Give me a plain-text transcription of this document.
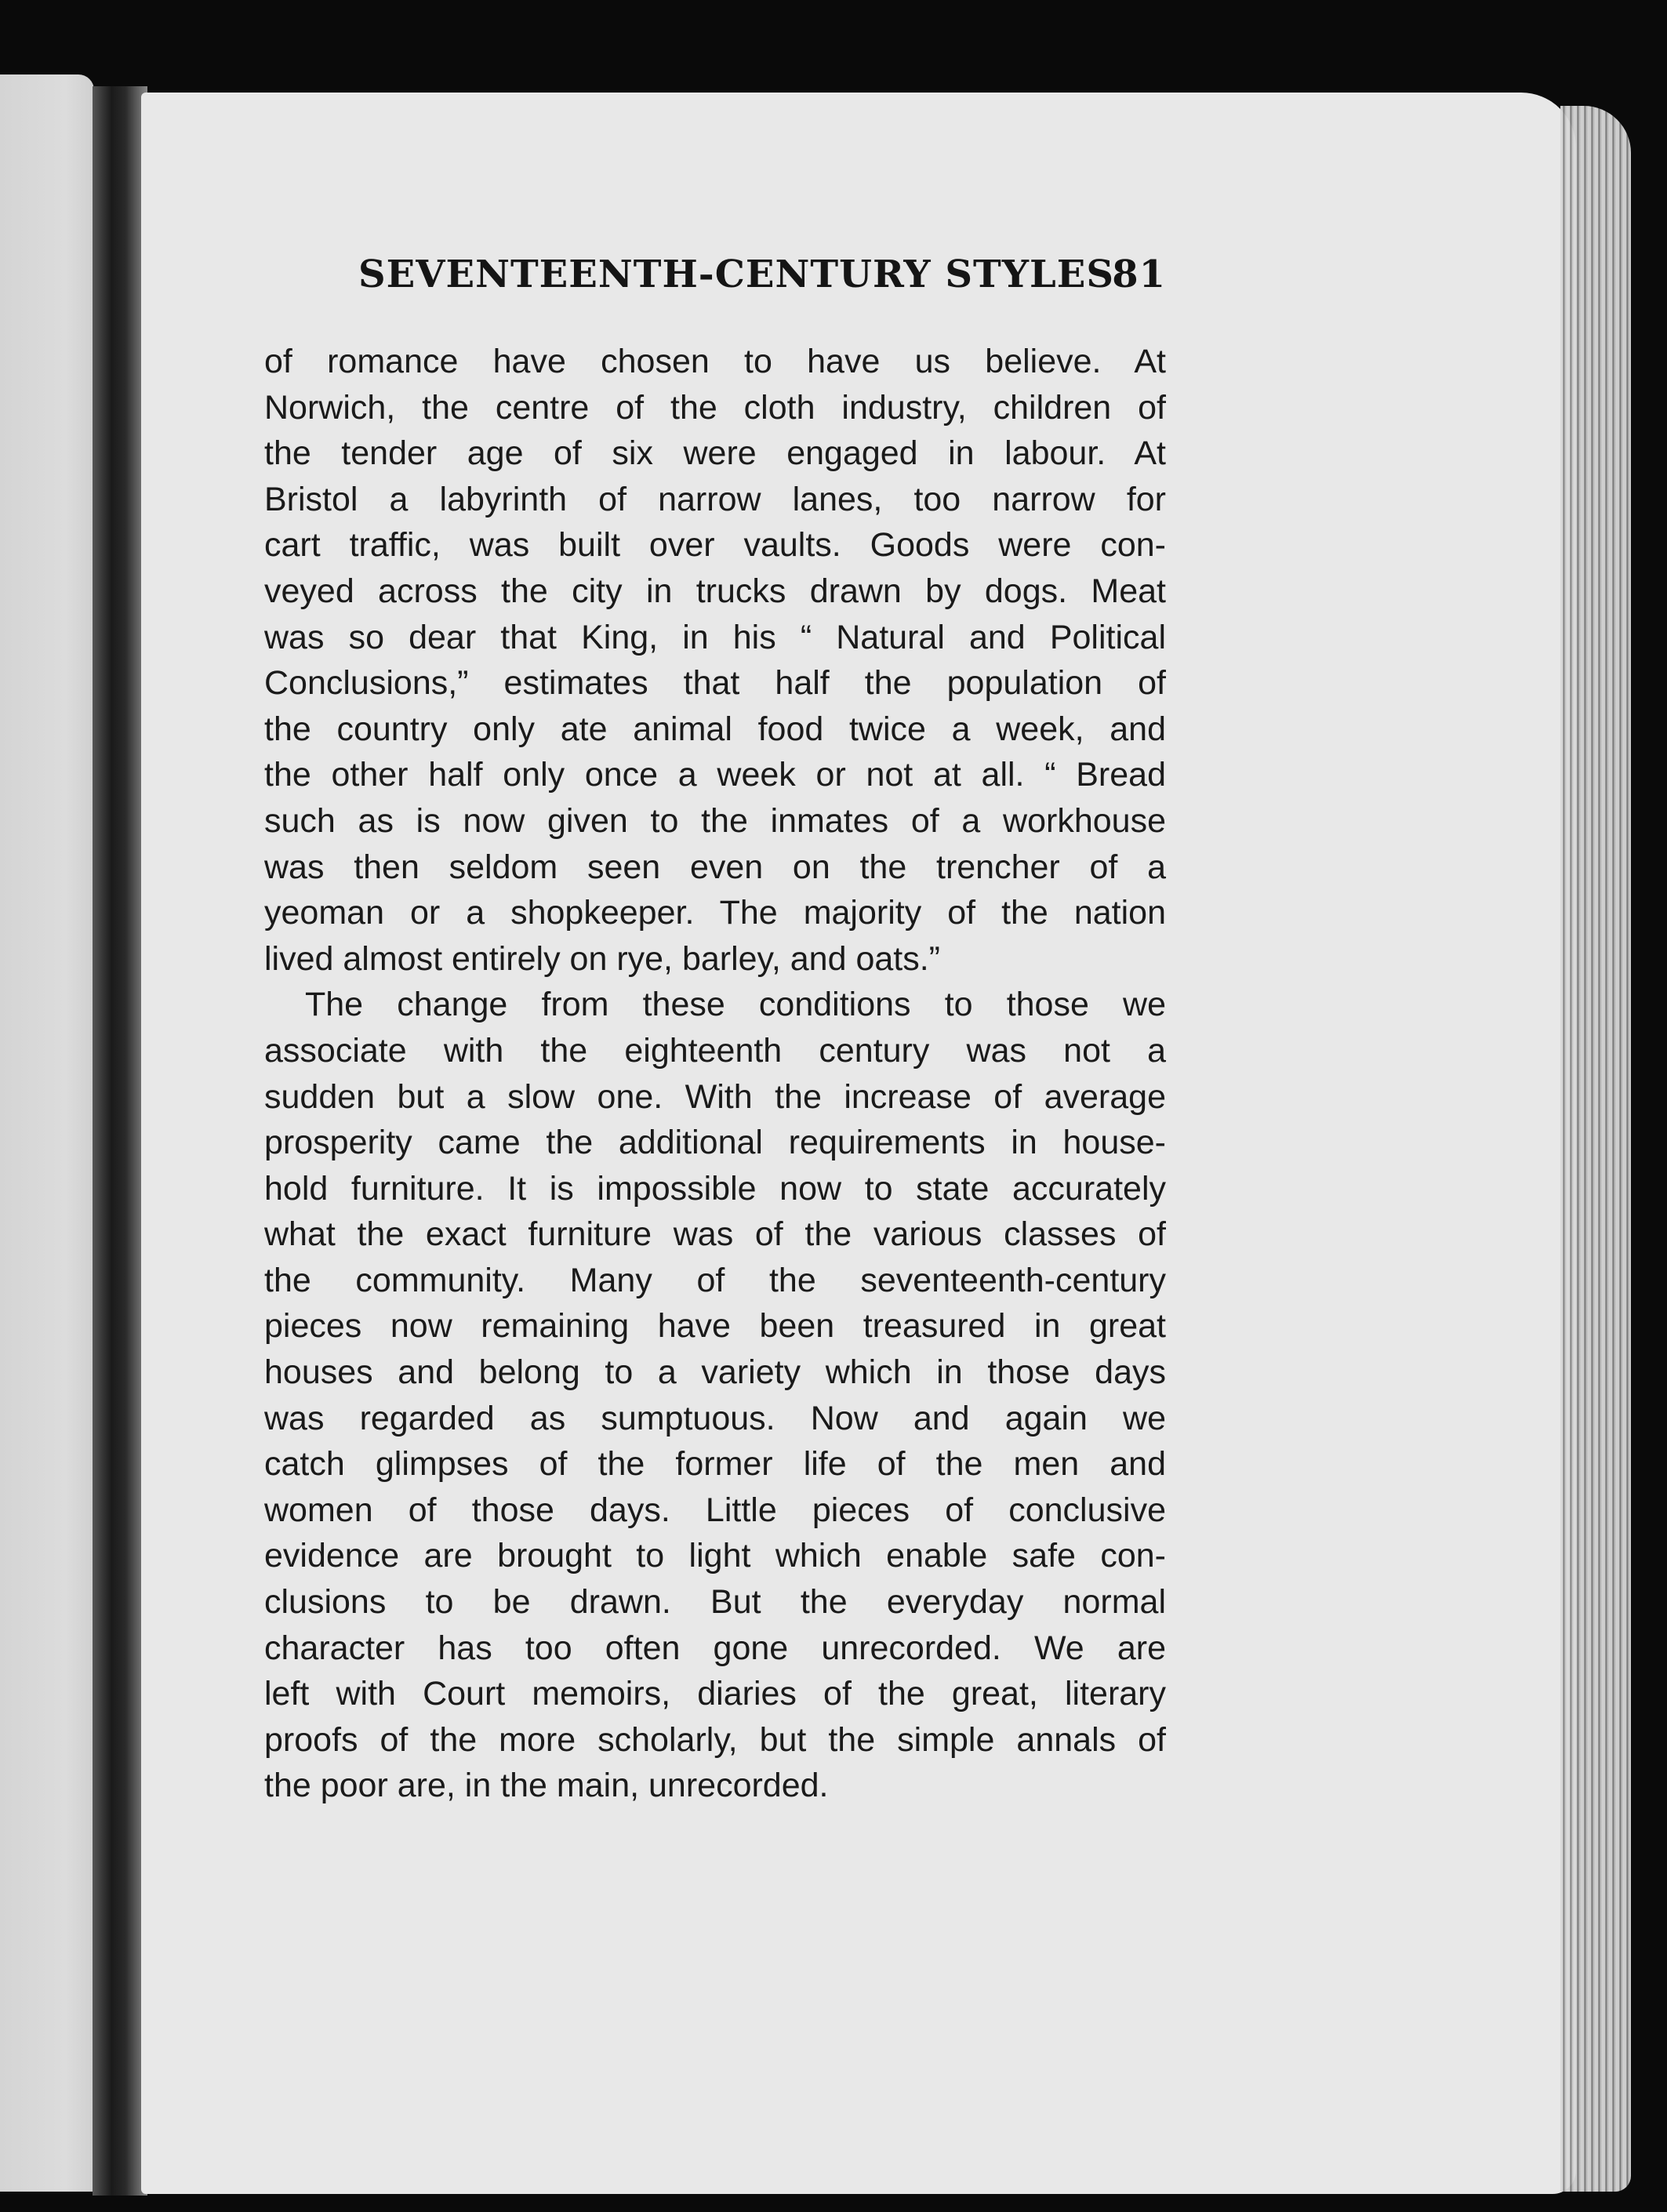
SEVENTEENTH-CENTURY STYLES
81
of romance have chosen to have us believe. At
Norwich, the centre of the cloth industry, children of
the tender age of six were engaged in labour. At
Bristol a labyrinth of narrow lanes, too narrow for
cart traffic, was built over vaults. Goods were con-
veyed across the city in trucks drawn by dogs. Meat
was so dear that King, in his “ Natural and Political
Conclusions,” estimates that half the population of
the country only ate animal food twice a week, and
the other half only once a week or not at all. “ Bread
such as is now given to the inmates of a workhouse
was then seldom seen even on the trencher of a
yeoman or a shopkeeper. The majority of the nation
lived almost entirely on rye, barley, and oats.”
The change from these conditions to those we
associate with the eighteenth century was not a
sudden but a slow one. With the increase of average
prosperity came the additional requirements in house-
hold furniture. It is impossible now to state accurately
what the exact furniture was of the various classes of
the community. Many of the seventeenth-century
pieces now remaining have been treasured in great
houses and belong to a variety which in those days
was regarded as sumptuous. Now and again we
catch glimpses of the former life of the men and
women of those days. Little pieces of conclusive
evidence are brought to light which enable safe con-
clusions to be drawn. But the everyday normal
character has too often gone unrecorded. We are
left with Court memoirs, diaries of the great, literary
proofs of the more scholarly, but the simple annals of
the poor are, in the main, unrecorded.
